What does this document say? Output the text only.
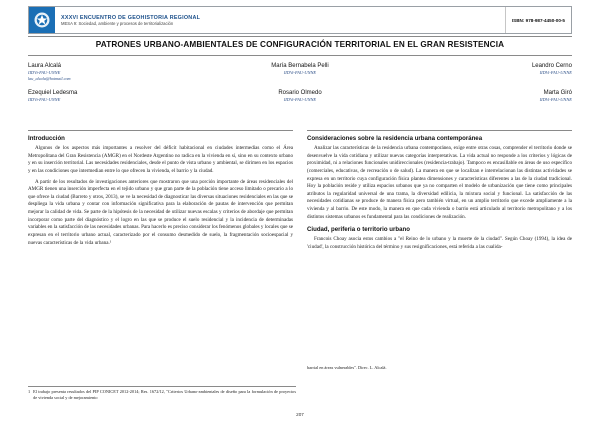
XXXVI ENCUENTRO DE GEOHISTORIA REGIONAL
MESA 9: Sociedad, ambiente y procesos de territorialización
ISBN: 978-987-4450-00-5
PATRONES URBANO-AMBIENTALES DE CONFIGURACIÓN TERRITORIAL EN EL GRAN RESISTENCIA
Laura Alcalá
IIDVi-FAU-UNNE
lau_alcala@hotmail.com
María Bernabela Pelli
IIDVi-FAU-UNNE
Leandro Cerno
IIDVi-FAU-UNNE
Ezequiel Ledesma
IIDVi-FAU-UNNE
Rosario Olmedo
IIDVi-FAU-UNNE
Marta Giró
IIDVi-FAU-UNNE
Introducción

Algunos de los aspectos más importantes a resolver del déficit habitacional en ciudades intermedias como el Área Metropolitana del Gran Resistencia (AMGR) en el Nordeste Argentino no radica en la vivienda en sí, sino en su contexto urbano y en su inserción territorial. Las necesidades residenciales, desde el punto de vista urbano y ambiental, se dirimen en los espacios y en las condiciones que intermedian entre lo que ofrecen la vivienda, el barrio y la ciudad.

A partir de los resultados de investigaciones anteriores que mostraron que una porción importante de áreas residenciales del AMGR tienen una inserción imperfecta en el tejido urbano y que gran parte de la población tiene acceso limitado o precario a lo que ofrece la ciudad (Barreto y otros, 2013), se ve la necesidad de diagnosticar las diversas situaciones residenciales en las que se despliega la vida urbana y contar con información significativa para la elaboración de pautas de intervención que permitan mejorar la calidad de vida. Se parte de la hipótesis de la necesidad de utilizar nuevas escalas y criterios de abordaje que permitan incorporar como parte del diagnóstico y el logro en las que se produce el suelo residencial y la incidencia de determinadas variables en la satisfacción de las necesidades urbanas. Para hacerlo es preciso considerar los fenómenos globales y locales que se expresan en el territorio urbano actual, caracterizado por el consumo desmedido de suelo, la fragmentación socioespacial y nuevas características de la vida urbana.¹

Consideraciones sobre la residencia urbana contemporánea

Analizar las características de la residencia urbana contemporánea, exige entre otras cosas, comprender el territorio donde se desenvuelve la vida cotidiana y utilizar nuevas categorías interpretativas. La vida actual no responde a los criterios y lógicas de proximidad, ni a relaciones funcionales unidireccionales (residencia-trabajo). Tampoco es encasillable en áreas de uso específico (comerciales, educativas, de recreación o de salud). La manera en que se localizan e interrelacionan las distintas actividades se expresa en un territorio cuya configuración física plantea dimensiones y características diferentes a las de la ciudad tradicional. Hoy la población reside y utiliza espacios urbanos que ya no comparten el modelo de urbanización que tiene como principales atributos la regularidad universal de una trama, la diversidad edilicia, la mixtura social y funcional. La satisfacción de las necesidades cotidianas se produce de manera física pero también virtual, en un amplio territorio que excede ampliamente a la vivienda y al barrio. De este modo, la manera en que cada vivienda o barrio está articulado al territorio metropolitano y a los distintos sistemas urbanos es fundamental para las condiciones de realización.

Ciudad, periferia o territorio urbano

Francois Choay asocia estos cambios a "el Reino de lo urbano y la muerte de la ciudad". Según Choay (1994), la idea de 'ciudad', la construcción histórica del término y sus resignificaciones, está referida a las cualida-

barrial en áreas vulnerables". Direc. L. Alcalá.
1 El trabajo presenta resultados del PIP CONICET 2012-2014; Res. 1672/12, "Criterios Urbano-ambientales de diseño para la formulación de proyectos de vivienda social y de mejoramiento
207
